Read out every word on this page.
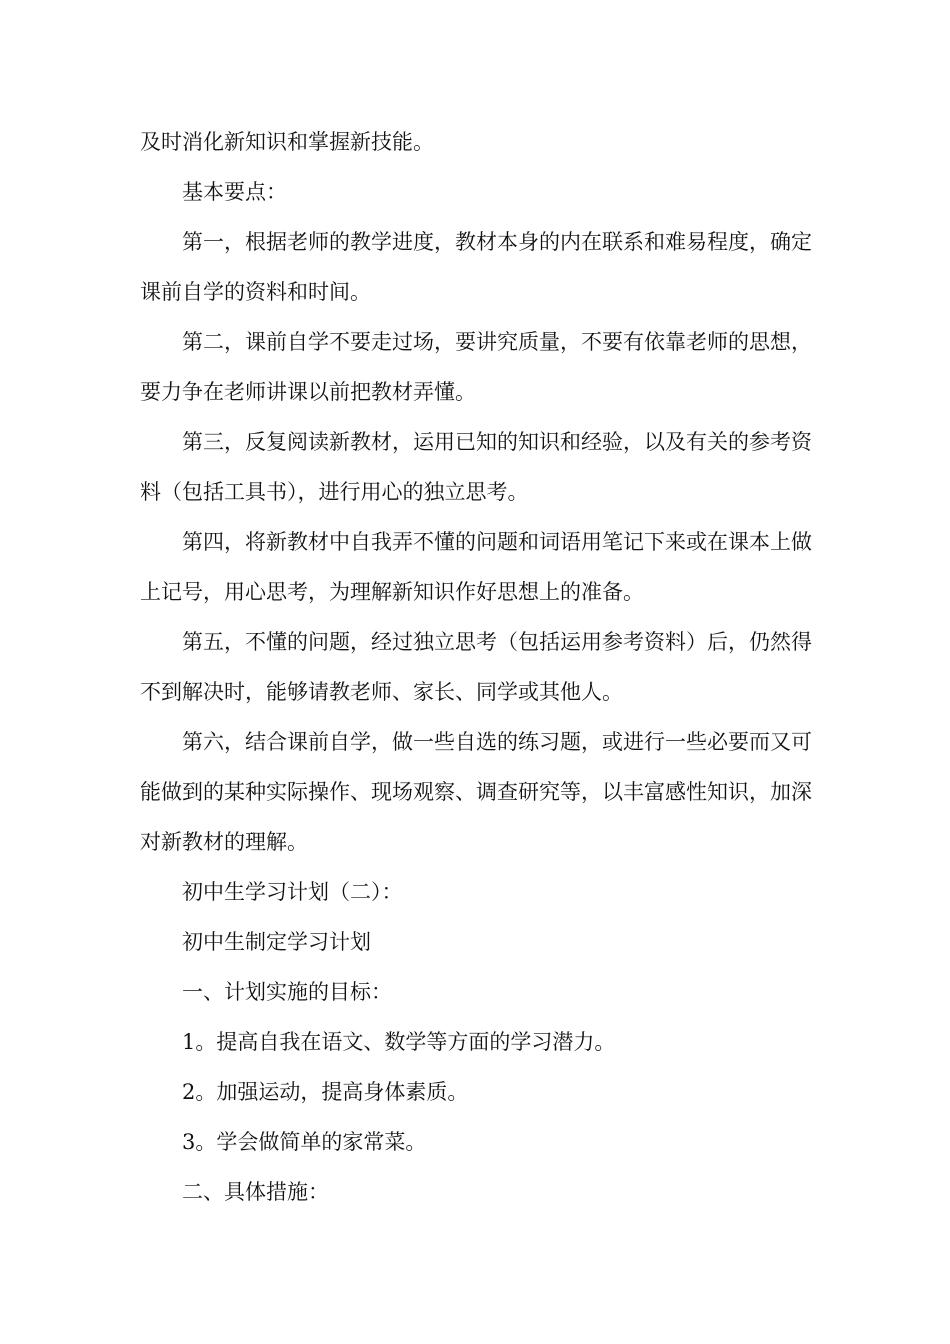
及时消化新知识和掌握新技能。

基本要点：

第一，根据老师的教学进度，教材本身的内在联系和难易程度，确定课前自学的资料和时间。

第二，课前自学不要走过场，要讲究质量，不要有依靠老师的思想，要力争在老师讲课以前把教材弄懂。

第三，反复阅读新教材，运用已知的知识和经验，以及有关的参考资料（包括工具书），进行用心的独立思考。

第四，将新教材中自我弄不懂的问题和词语用笔记下来或在课本上做上记号，用心思考，为理解新知识作好思想上的准备。

第五，不懂的问题，经过独立思考（包括运用参考资料）后，仍然得不到解决时，能够请教老师、家长、同学或其他人。

第六，结合课前自学，做一些自选的练习题，或进行一些必要而又可能做到的某种实际操作、现场观察、调查研究等，以丰富感性知识，加深对新教材的理解。

初中生学习计划（二）：

初中生制定学习计划

一、计划实施的目标：

1。提高自我在语文、数学等方面的学习潜力。

2。加强运动，提高身体素质。

3。学会做简单的家常菜。

二、具体措施：
